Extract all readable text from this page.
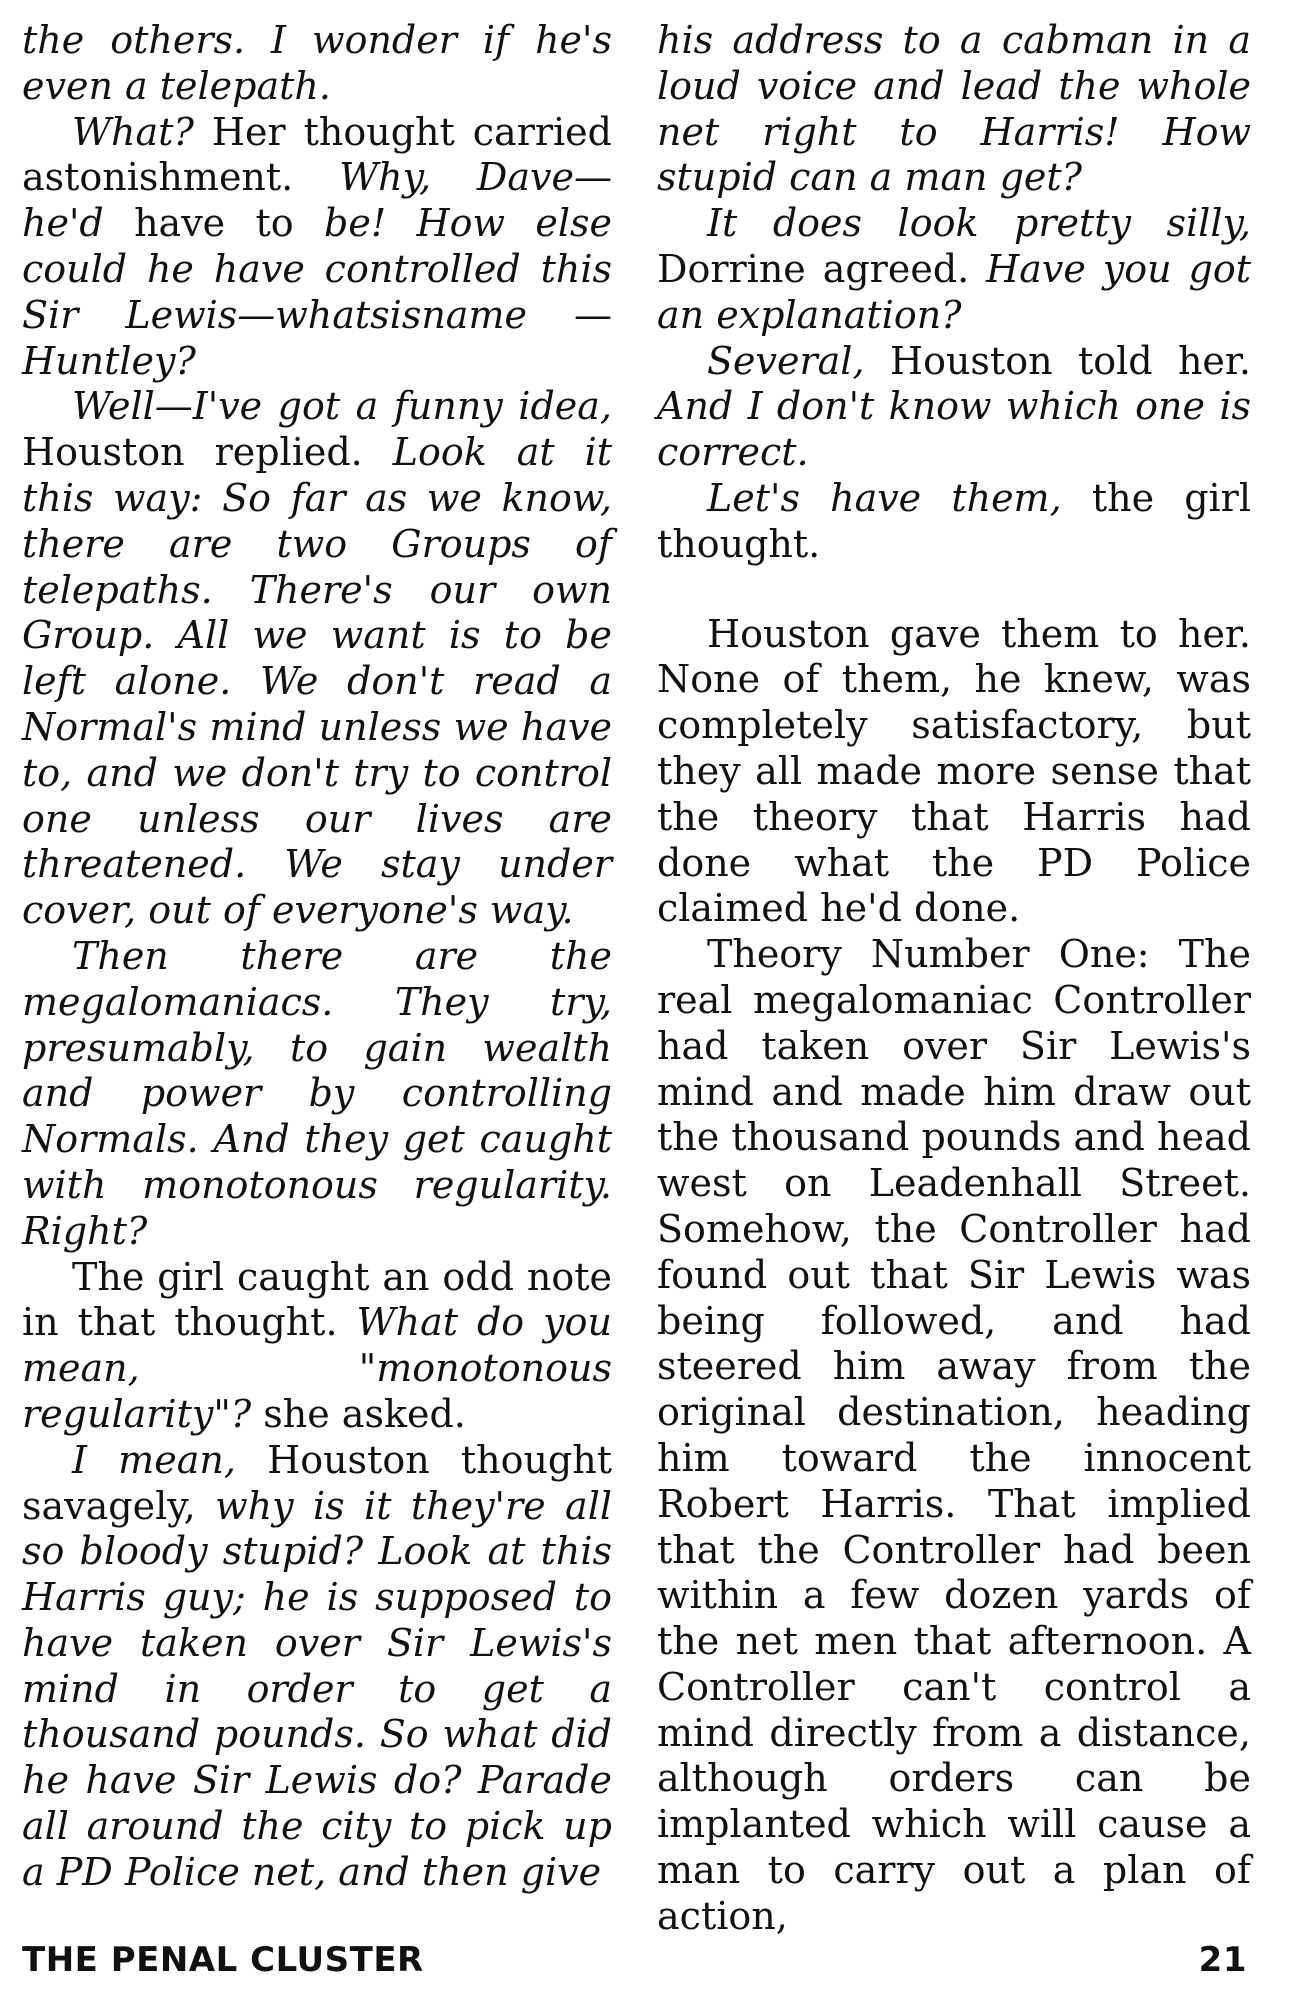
the others. I wonder if he's even a telepath.

What? Her thought carried astonishment. Why, Dave—he'd have to be! How else could he have controlled this Sir Lewis—whatsisname —Huntley?

Well—I've got a funny idea, Houston replied. Look at it this way: So far as we know, there are two Groups of telepaths. There's our own Group. All we want is to be left alone. We don't read a Normal's mind unless we have to, and we don't try to control one unless our lives are threatened. We stay under cover, out of everyone's way.

Then there are the megalomaniacs. They try, presumably, to gain wealth and power by controlling Normals. And they get caught with monotonous regularity. Right?

The girl caught an odd note in that thought. What do you mean, "monotonous regularity"? she asked.

I mean, Houston thought savagely, why is it they're all so bloody stupid? Look at this Harris guy; he is supposed to have taken over Sir Lewis's mind in order to get a thousand pounds. So what did he have Sir Lewis do? Parade all around the city to pick up a PD Police net, and then give

his address to a cabman in a loud voice and lead the whole net right to Harris! How stupid can a man get?

It does look pretty silly, Dorrine agreed. Have you got an explanation?

Several, Houston told her. And I don't know which one is correct.

Let's have them, the girl thought.

Houston gave them to her. None of them, he knew, was completely satisfactory, but they all made more sense that the theory that Harris had done what the PD Police claimed he'd done.

Theory Number One: The real megalomaniac Controller had taken over Sir Lewis's mind and made him draw out the thousand pounds and head west on Leadenhall Street. Somehow, the Controller had found out that Sir Lewis was being followed, and had steered him away from the original destination, heading him toward the innocent Robert Harris. That implied that the Controller had been within a few dozen yards of the net men that afternoon. A Controller can't control a mind directly from a distance, although orders can be implanted which will cause a man to carry out a plan of action,

THE PENAL CLUSTER	21
